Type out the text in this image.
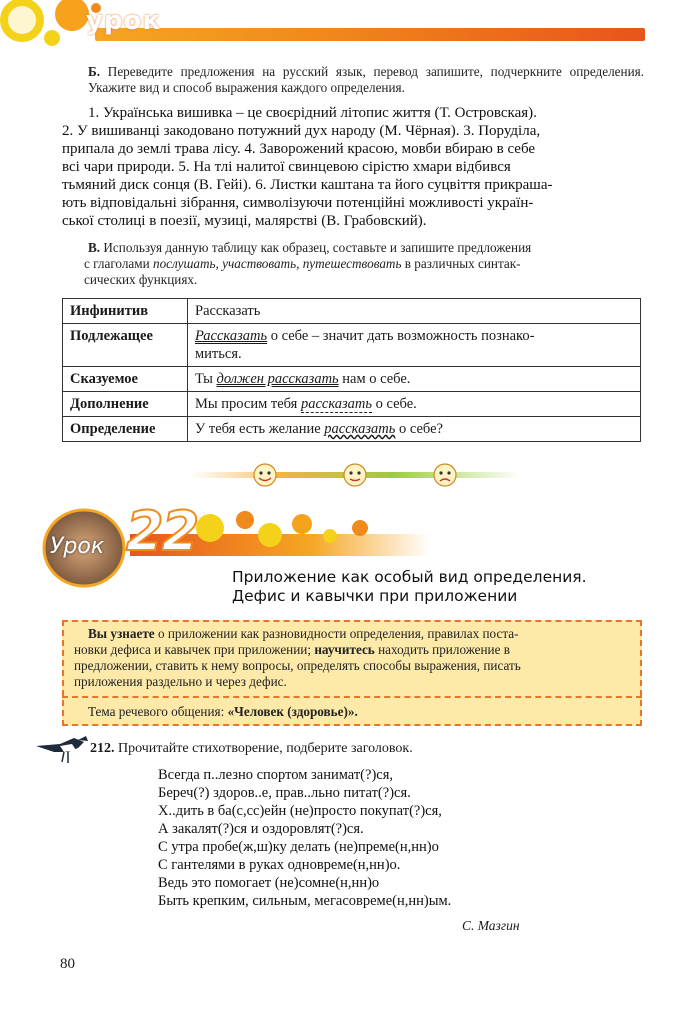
урок
Б. Переведите предложения на русский язык, перевод запишите, подчеркните определения. Укажите вид и способ выражения каждого определения.
1. Українська вишивка – це своєрідний літопис життя (Т. Островская).
2. У вишиванці закодовано потужний дух народу (М. Чёрная). 3. Поруділа,
припала до землі трава лісу. 4. Заворожений красою, мовби вбираю в себе
всі чари природи. 5. На тлі налитої свинцевою сірістю хмари відбився
тьмяний диск сонця (В. Гейі). 6. Листки каштана та його суцвіття прикраша-
ють відповідальні зібрання, символізуючи потенційні можливості україн-
ської столиці в поезії, музиці, малярстві (В. Грабовский).
В. Используя данную таблицу как образец, составьте и запишите предложения
с глаголами послушать, участвовать, путешествовать в различных синтак-
сических функциях.
Инфинитив	Рассказать
Подлежащее	Рассказать о себе – значит дать возможность познако-
миться.
Сказуемое	Ты должен рассказать нам о себе.
Дополнение	Мы просим тебя рассказать о себе.
Определение	У тебя есть желание рассказать о себе?
Урок 22
Приложение как особый вид определения.
Дефис и кавычки при приложении
Вы узнаете о приложении как разновидности определения, правилах поста-
новки дефиса и кавычек при приложении; научитесь находить приложение в
предложении, ставить к нему вопросы, определять способы выражения, писать
приложения раздельно и через дефис.
Тема речевого общения: «Человек (здоровье)».
212. Прочитайте стихотворение, подберите заголовок.
Всегда п..лезно спортом занимат(?)ся,
Береч(?) здоров..е, прав..льно питат(?)ся.
Х..дить в ба(с,сс)ейн (не)просто покупат(?)ся,
А закалят(?)ся и оздоровлят(?)ся.
С утра пробе(ж,ш)ку делать (не)преме(н,нн)о
С гантелями в руках одновреме(н,нн)о.
Ведь это помогает (не)сомне(н,нн)о
Быть крепким, сильным, мегасовреме(н,нн)ым.
С. Мазгин
80
